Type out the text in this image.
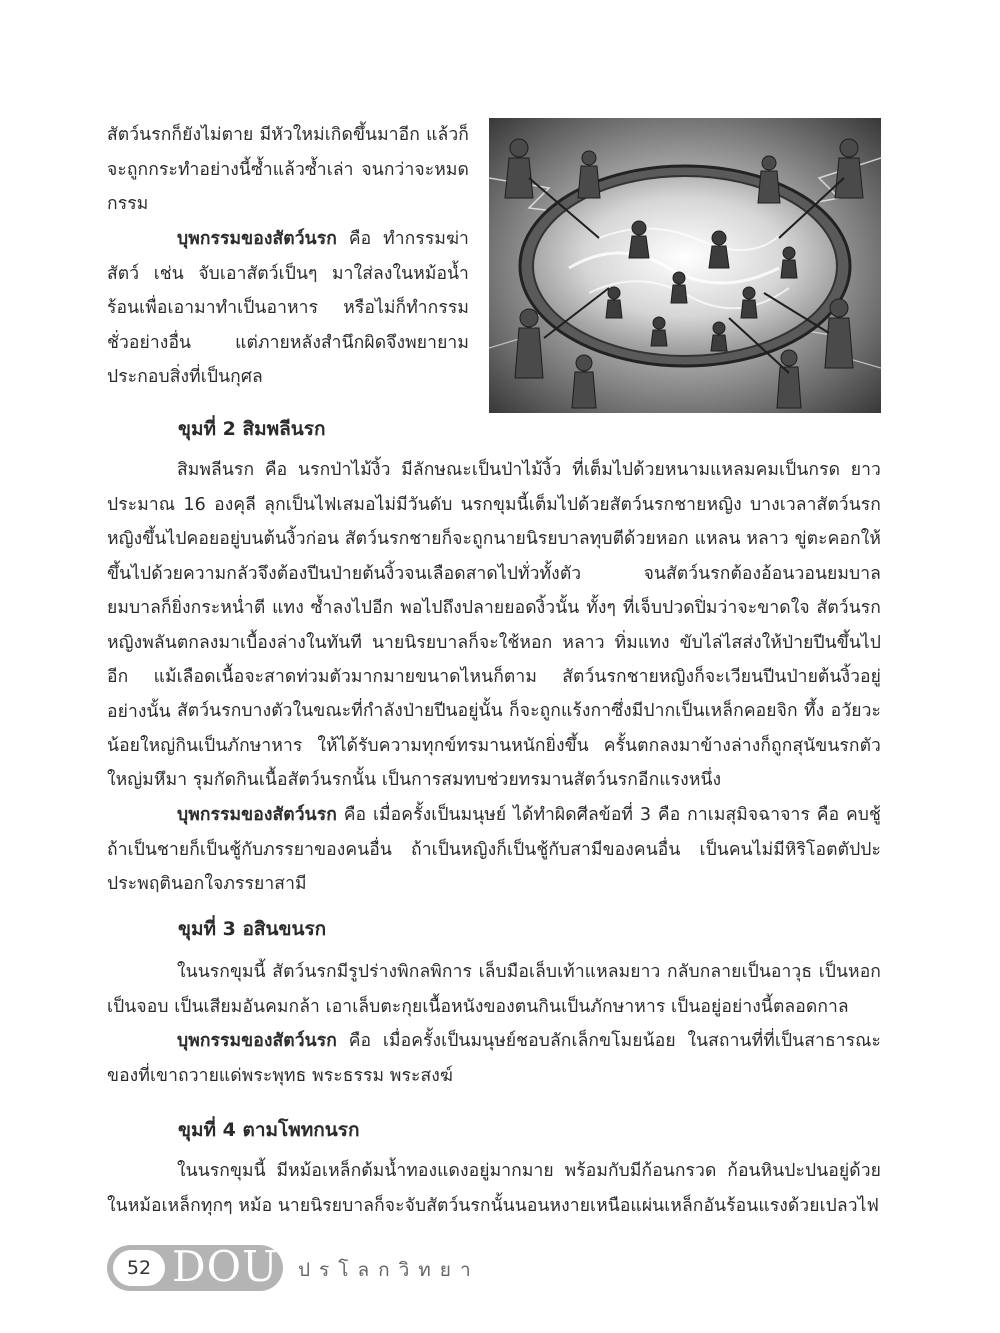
สัตว์นรกก็ยังไม่ตาย มีหัวใหม่เกิดขึ้นมาอีก แล้วก็จะถูกกระทำอย่างนี้ซ้ำแล้วซ้ำเล่า จนกว่าจะหมดกรรม

บุพกรรมของสัตว์นรก คือ ทำกรรมฆ่าสัตว์ เช่น จับเอาสัตว์เป็นๆ มาใส่ลงในหม้อน้ำร้อนเพื่อเอามาทำเป็นอาหาร หรือไม่ก็ทำกรรมชั่วอย่างอื่น แต่ภายหลังสำนึกผิดจึงพยายามประกอบสิ่งที่เป็นกุศล

ขุมที่ 2 สิมพลีนรก

สิมพลีนรก คือ นรกป่าไม้งิ้ว มีลักษณะเป็นป่าไม้งิ้ว ที่เต็มไปด้วยหนามแหลมคมเป็นกรด ยาวประมาณ 16 องคุลี ลุกเป็นไฟเสมอไม่มีวันดับ นรกขุมนี้เต็มไปด้วยสัตว์นรกชายหญิง บางเวลาสัตว์นรกหญิงขึ้นไปคอยอยู่บนต้นงิ้วก่อน สัตว์นรกชายก็จะถูกนายนิรยบาลทุบตีด้วยหอก แหลน หลาว ขู่ตะคอกให้ขึ้นไปด้วยความกลัวจึงต้องปีนป่ายต้นงิ้วจนเลือดสาดไปทั่วทั้งตัว จนสัตว์นรกต้องอ้อนวอนยมบาล ยมบาลก็ยิ่งกระหน่ำตี แทง ซ้ำลงไปอีก พอไปถึงปลายยอดงิ้วนั้น ทั้งๆ ที่เจ็บปวดปิ่มว่าจะขาดใจ สัตว์นรกหญิงพลันตกลงมาเบื้องล่างในทันที นายนิรยบาลก็จะใช้หอก หลาว ทิ่มแทง ขับไล่ไสส่งให้ป่ายปีนขึ้นไปอีก แม้เลือดเนื้อจะสาดท่วมตัวมากมายขนาดไหนก็ตาม สัตว์นรกชายหญิงก็จะเวียนปีนป่ายต้นงิ้วอยู่อย่างนั้น สัตว์นรกบางตัวในขณะที่กำลังป่ายปีนอยู่นั้น ก็จะถูกแร้งกาซึ่งมีปากเป็นเหล็กคอยจิก ทึ้ง อวัยวะน้อยใหญ่กินเป็นภักษาหาร ให้ได้รับความทุกข์ทรมานหนักยิ่งขึ้น ครั้นตกลงมาข้างล่างก็ถูกสุนัขนรกตัวใหญ่มหึมา รุมกัดกินเนื้อสัตว์นรกนั้น เป็นการสมทบช่วยทรมานสัตว์นรกอีกแรงหนึ่ง

บุพกรรมของสัตว์นรก คือ เมื่อครั้งเป็นมนุษย์ ได้ทำผิดศีลข้อที่ 3 คือ กาเมสุมิจฉาจาร คือ คบชู้ ถ้าเป็นชายก็เป็นชู้กับภรรยาของคนอื่น ถ้าเป็นหญิงก็เป็นชู้กับสามีของคนอื่น เป็นคนไม่มีหิริโอตตัปปะประพฤตินอกใจภรรยาสามี

ขุมที่ 3 อสินขนรก

ในนรกขุมนี้ สัตว์นรกมีรูปร่างพิกลพิการ เล็บมือเล็บเท้าแหลมยาว กลับกลายเป็นอาวุธ เป็นหอก เป็นจอบ เป็นเสียมอันคมกล้า เอาเล็บตะกุยเนื้อหนังของตนกินเป็นภักษาหาร เป็นอยู่อย่างนี้ตลอดกาล

บุพกรรมของสัตว์นรก คือ เมื่อครั้งเป็นมนุษย์ชอบลักเล็กขโมยน้อย ในสถานที่ที่เป็นสาธารณะ ของที่เขาถวายแด่พระพุทธ พระธรรม พระสงฆ์

ขุมที่ 4 ตามโพทกนรก

ในนรกขุมนี้ มีหม้อเหล็กต้มน้ำทองแดงอยู่มากมาย พร้อมกับมีก้อนกรวด ก้อนหินปะปนอยู่ด้วยในหม้อเหล็กทุกๆ หม้อ นายนิรยบาลก็จะจับสัตว์นรกนั้นนอนหงายเหนือแผ่นเหล็กอันร้อนแรงด้วยเปลวไฟ

52 DOU ปรโลกวิทยา
